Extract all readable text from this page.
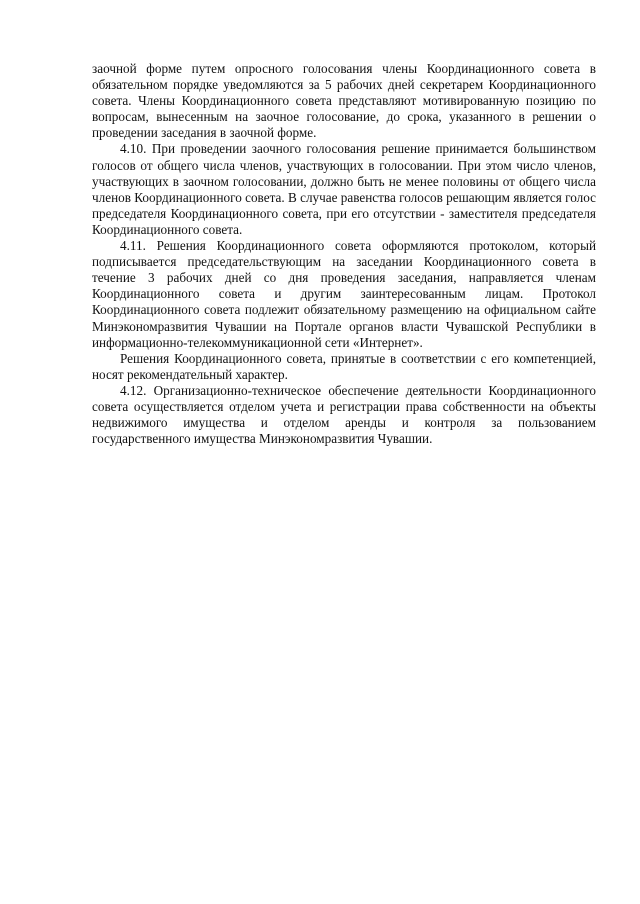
заочной форме путем опросного голосования члены Координационного совета в обязательном порядке уведомляются за 5 рабочих дней секретарем Координационного совета. Члены Координационного совета представляют мотивированную позицию по вопросам, вынесенным на заочное голосование, до срока, указанного в решении о проведении заседания в заочной форме.

4.10. При проведении заочного голосования решение принимается большинством голосов от общего числа членов, участвующих в голосовании. При этом число членов, участвующих в заочном голосовании, должно быть не менее половины от общего числа членов Координационного совета. В случае равенства голосов решающим является голос председателя Координационного совета, при его отсутствии - заместителя председателя Координационного совета.

4.11. Решения Координационного совета оформляются протоколом, который подписывается председательствующим на заседании Координационного совета в течение 3 рабочих дней со дня проведения заседания, направляется членам Координационного совета и другим заинтересованным лицам. Протокол Координационного совета подлежит обязательному размещению на официальном сайте Минэкономразвития Чувашии на Портале органов власти Чувашской Республики в информационно-телекоммуникационной сети «Интернет».

Решения Координационного совета, принятые в соответствии с его компетенцией, носят рекомендательный характер.

4.12. Организационно-техническое обеспечение деятельности Координационного совета осуществляется отделом учета и регистрации права собственности на объекты недвижимого имущества и отделом аренды и контроля за пользованием государственного имущества Минэкономразвития Чувашии.
